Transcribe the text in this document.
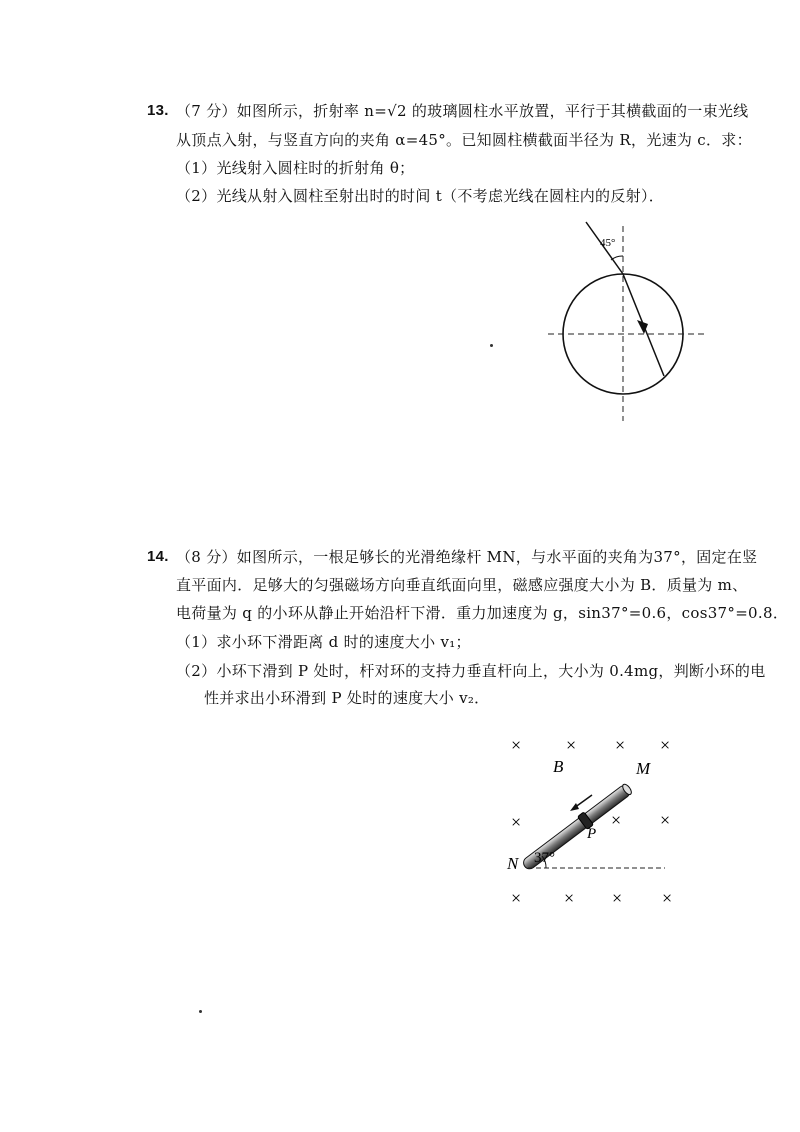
13. （7 分）如图所示，折射率 n=√2 的玻璃圆柱水平放置，平行于其横截面的一束光线
从顶点入射，与竖直方向的夹角 α=45°。已知圆柱横截面半径为 R，光速为 c．求：
（1）光线射入圆柱时的折射角 θ；
（2）光线从射入圆柱至射出时的时间 t（不考虑光线在圆柱内的反射）．
45°
14. （8 分）如图所示，一根足够长的光滑绝缘杆 MN，与水平面的夹角为37°，固定在竖
直平面内．足够大的匀强磁场方向垂直纸面向里，磁感应强度大小为 B．质量为 m、
电荷量为 q 的小环从静止开始沿杆下滑．重力加速度为 g，sin37°=0.6，cos37°=0.8．
（1）求小环下滑距离 d 时的速度大小 v₁；
（2）小环下滑到 P 处时，杆对环的支持力垂直杆向上，大小为 0.4mg，判断小环的电
性并求出小环滑到 P 处时的速度大小 v₂．
× × × ×
×	× ×
× × × ×
B	M
P
N 37°
